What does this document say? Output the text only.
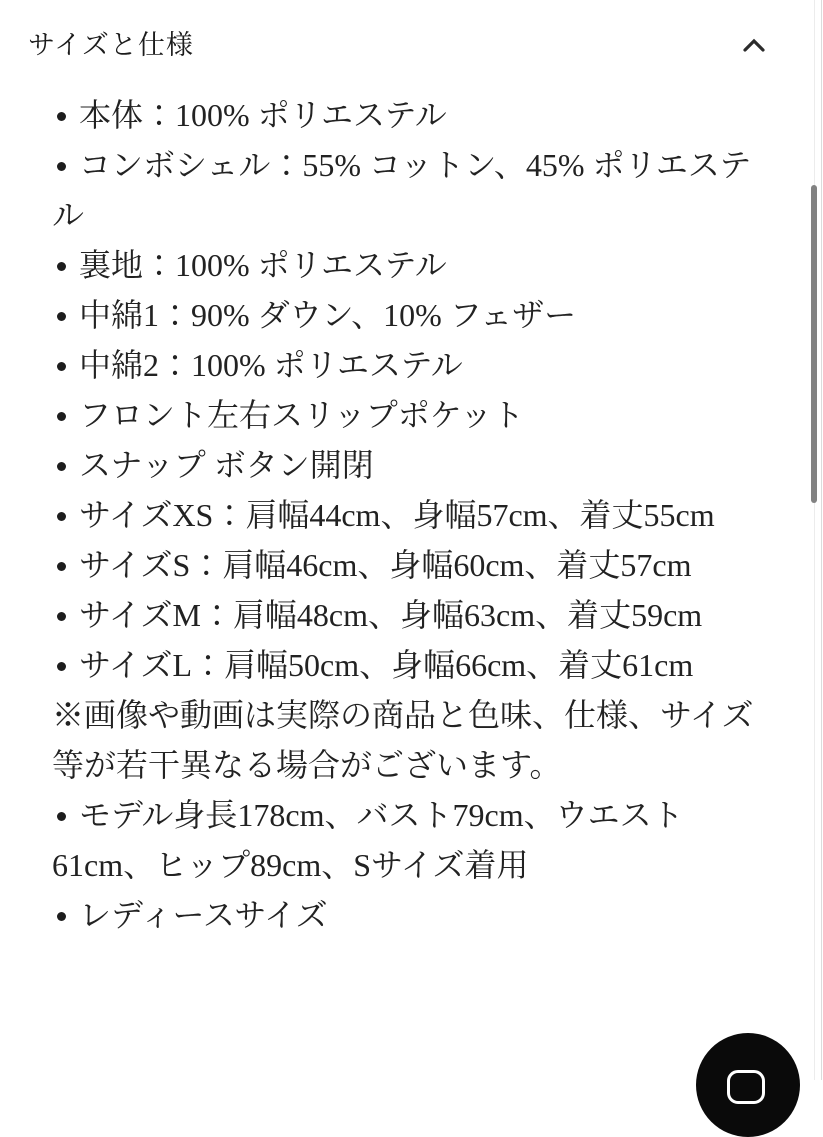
サイズと仕様
本体：100% ポリエステル
コンボシェル：55% コットン、45% ポリエステル
裏地：100% ポリエステル
中綿1：90% ダウン、10% フェザー
中綿2：100% ポリエステル
フロント左右スリップポケット
スナップ ボタン開閉
サイズXS：肩幅44cm、身幅57cm、着丈55cm
サイズS：肩幅46cm、身幅60cm、着丈57cm
サイズM：肩幅48cm、身幅63cm、着丈59cm
サイズL：肩幅50cm、身幅66cm、着丈61cm
※画像や動画は実際の商品と色味、仕様、サイズ等が若干異なる場合がございます。
モデル身長178cm、バスト79cm、ウエスト61cm、ヒップ89cm、Sサイズ着用
レディースサイズ
